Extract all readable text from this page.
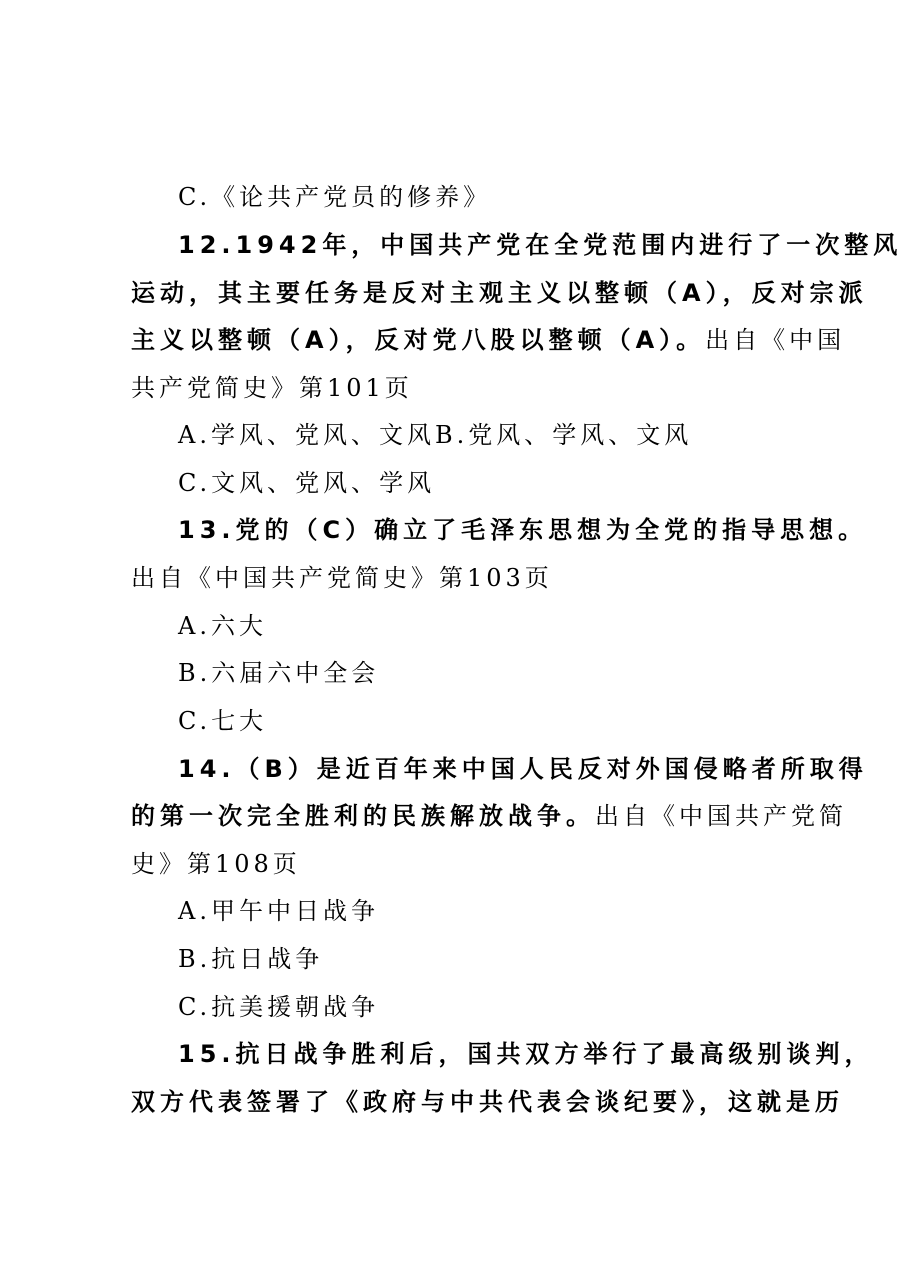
C.《论共产党员的修养》
12.1942年，中国共产党在全党范围内进行了一次整风
运动，其主要任务是反对主观主义以整顿（A），反对宗派
主义以整顿（A），反对党八股以整顿（A）。出自《中国
共产党简史》第101页
A.学风、党风、文风B.党风、学风、文风
C.文风、党风、学风
13.党的（C）确立了毛泽东思想为全党的指导思想。
出自《中国共产党简史》第103页
A.六大
B.六届六中全会
C.七大
14.（B）是近百年来中国人民反对外国侵略者所取得
的第一次完全胜利的民族解放战争。出自《中国共产党简
史》第108页
A.甲午中日战争
B.抗日战争
C.抗美援朝战争
15.抗日战争胜利后，国共双方举行了最高级别谈判，
双方代表签署了《政府与中共代表会谈纪要》，这就是历
